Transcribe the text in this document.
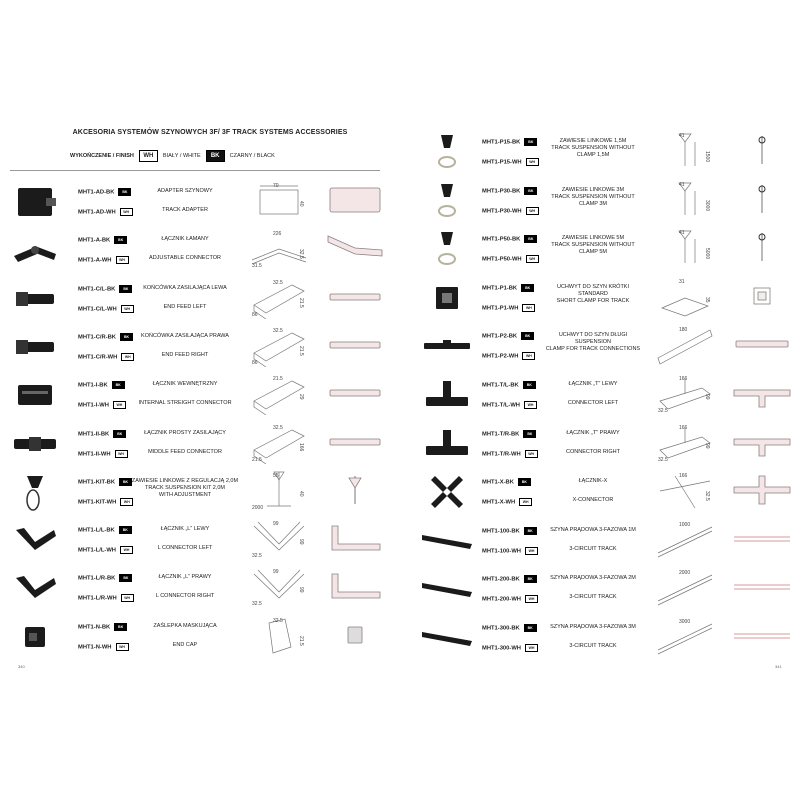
AKCESORIA SYSTEMÓW SZYNOWYCH 3F/ 3F TRACK SYSTEMS ACCESSORIES
WYKOŃCZENIE / FINISH	WH	BIAŁY / WHITE	BK	CZARNY / BLACK
MHT1-AD-BK BK
MHT1-AD-WH WH
ADAPTER SZYNOWY
TRACK ADAPTER
70
40
MHT1-A-BK BK
MHT1-A-WH WH
ŁĄCZNIK ŁAMANY
ADJUSTABLE CONNECTOR
226
32.5
31.5
MHT1-C/L-BK BK
MHT1-C/L-WH WH
KOŃCÓWKA ZASILAJĄCA LEWA
END FEED LEFT
32.5
21.5
86
MHT1-C/R-BK BK
MHT1-C/R-WH WH
KOŃCÓWKA ZASILAJĄCA PRAWA
END FEED RIGHT
32.5
21.5
86
MHT1-I-BK BK
MHT1-I-WH WH
ŁĄCZNIK WEWNĘTRZNY
INTERNAL STREIGHT CONNECTOR
21.5
29
MHT1-II-BK BK
MHT1-II-WH WH
ŁĄCZNIK PROSTY ZASILAJĄCY
MIDDLE FEED CONNECTOR
32.5
166
21.5
MHT1-KIT-BK BK
MHT1-KIT-WH WH
ZAWIESIE LINKOWE Z REGULACJĄ 2,0M
TRACK SUSPENSION KIT 2,0M
WITH ADJUSTMENT
55
40
2000
MHT1-L/L-BK BK
MHT1-L/L-WH WH
ŁĄCZNIK „L” LEWY
L CONNECTOR LEFT
99
99
32.5
MHT1-L/R-BK BK
MHT1-L/R-WH WH
ŁĄCZNIK „L” PRAWY
L CONNECTOR RIGHT
99
99
32.5
MHT1-N-BK BK
MHT1-N-WH WH
ZAŚLEPKA MASKUJĄCA
END CAP
32.5
21.5
MHT1-P15-BK BK
MHT1-P15-WH WH
ZAWIESIE LINKOWE 1,5M
TRACK SUSPENSION WITHOUT
CLAMP 1,5M
41
1500
MHT1-P30-BK BK
MHT1-P30-WH WH
ZAWIESIE LINKOWE 3M
TRACK SUSPENSION WITHOUT
CLAMP 3M
41
3000
MHT1-P50-BK BK
MHT1-P50-WH WH
ZAWIESIE LINKOWE 5M
TRACK SUSPENSION WITHOUT
CLAMP 5M
41
5000
MHT1-P1-BK BK
MHT1-P1-WH WH
UCHWYT DO SZYN KRÓTKI
STANDARD
SHORT CLAMP FOR TRACK
31
35
MHT1-P2-BK BK
MHT1-P2-WH WH
UCHWYT DO SZYN DŁUGI
SUSPENSION
CLAMP FOR TRACK CONNECTIONS
180
MHT1-T/L-BK BK
MHT1-T/L-WH WH
ŁĄCZNIK „T” LEWY
CONNECTOR LEFT
166
99
32.5
MHT1-T/R-BK BK
MHT1-T/R-WH WH
ŁĄCZNIK „T” PRAWY
CONNECTOR RIGHT
166
99
32.5
MHT1-X-BK BK
MHT1-X-WH WH
ŁĄCZNIK-X
X-CONNECTOR
166
32.5
MHT1-100-BK BK
MHT1-100-WH WH
SZYNA PRĄDOWA 3-FAZOWA 1M
3-CIRCUIT TRACK
1000
MHT1-200-BK BK
MHT1-200-WH WH
SZYNA PRĄDOWA 3-FAZOWA 2M
3-CIRCUIT TRACK
2000
MHT1-300-BK BK
MHT1-300-WH WH
SZYNA PRĄDOWA 3-FAZOWA 3M
3-CIRCUIT TRACK
3000
340	341
